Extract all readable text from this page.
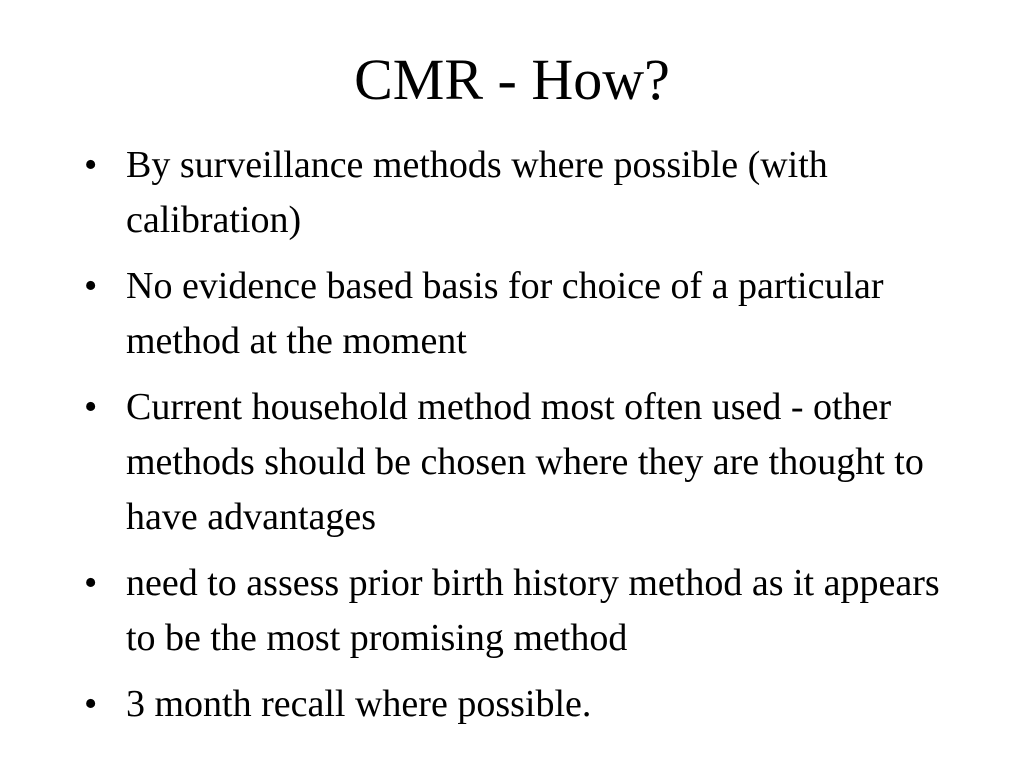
CMR - How?
• By surveillance methods where possible (with calibration)
• No evidence based basis for choice of a particular method at the moment
• Current household method most often used - other methods should be chosen where they are thought to have advantages
• need to assess prior birth history method as it appears to be the most promising method
• 3 month recall where possible.
